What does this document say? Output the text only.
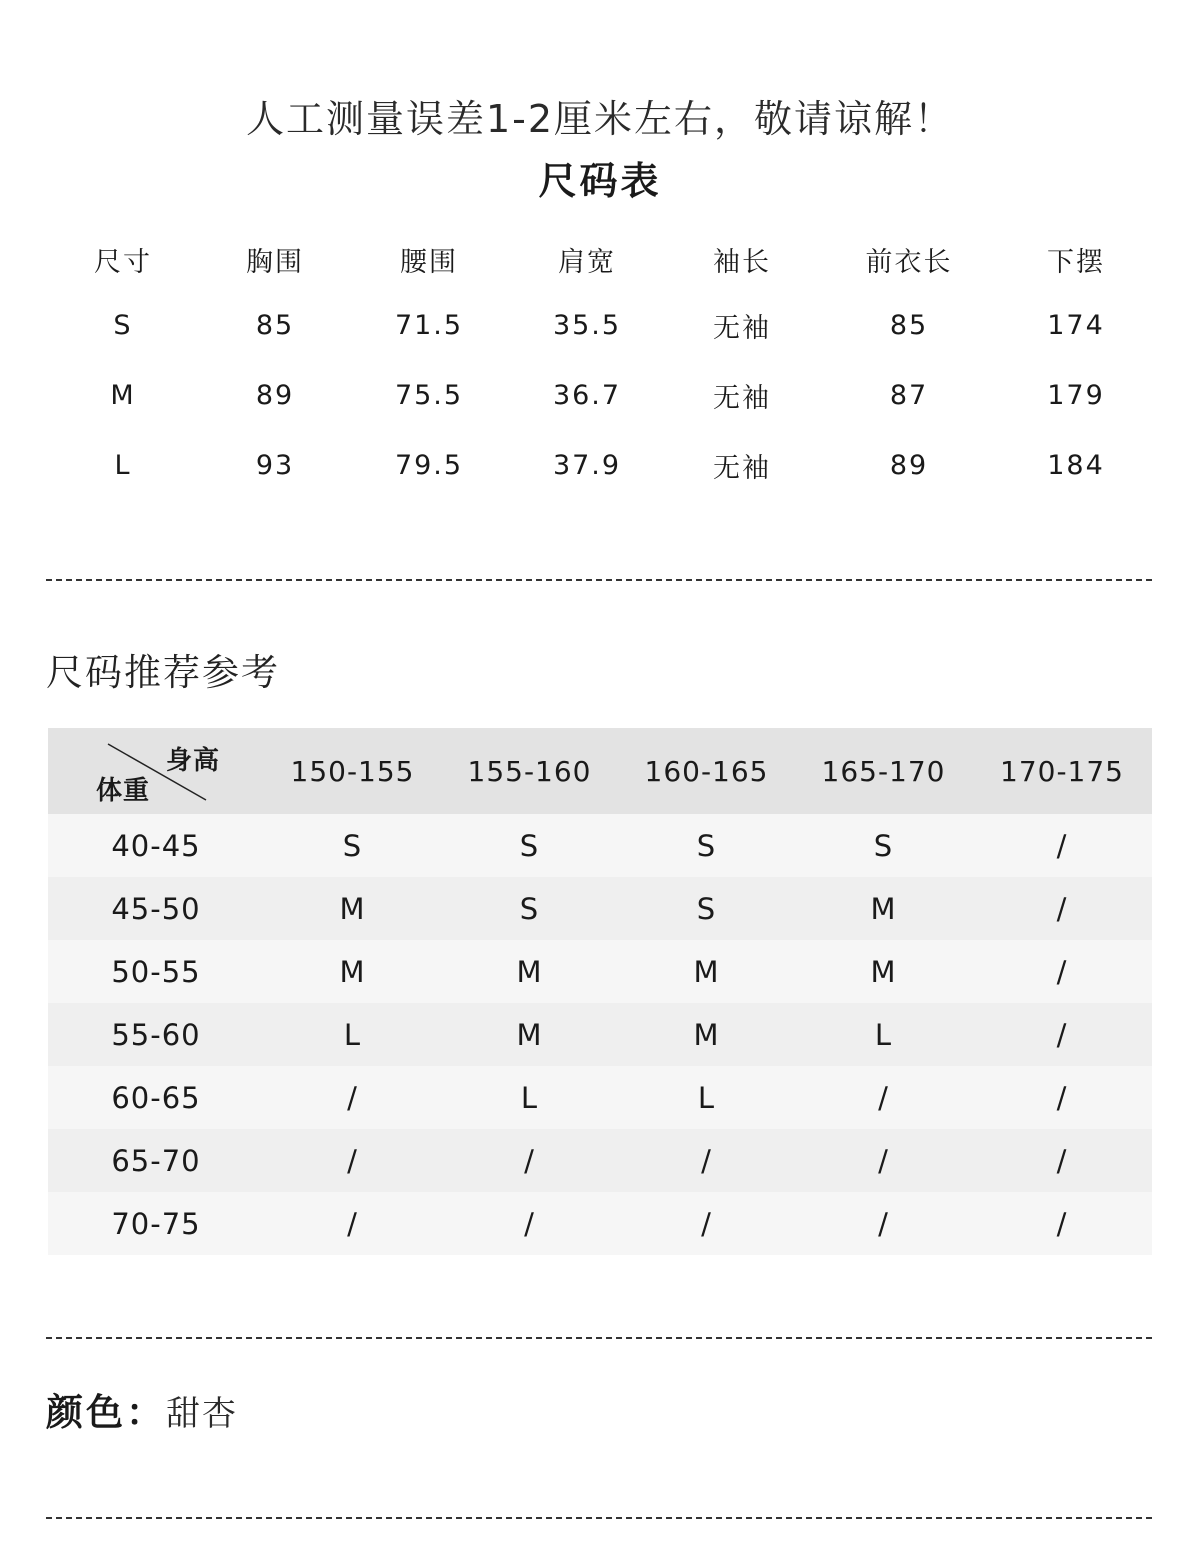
人工测量误差1-2厘米左右，敬请谅解！
尺码表
尺寸	胸围	腰围	肩宽	袖长	前衣长	下摆
S	85	71.5	35.5	无袖	85	174
M	89	75.5	36.7	无袖	87	179
L	93	79.5	37.9	无袖	89	184
尺码推荐参考
身高
体重	150-155	155-160	160-165	165-170	170-175
40-45	S	S	S	S	/
45-50	M	S	S	M	/
50-55	M	M	M	M	/
55-60	L	M	M	L	/
60-65	/	L	L	/	/
65-70	/	/	/	/	/
70-75	/	/	/	/	/
颜色：甜杏
